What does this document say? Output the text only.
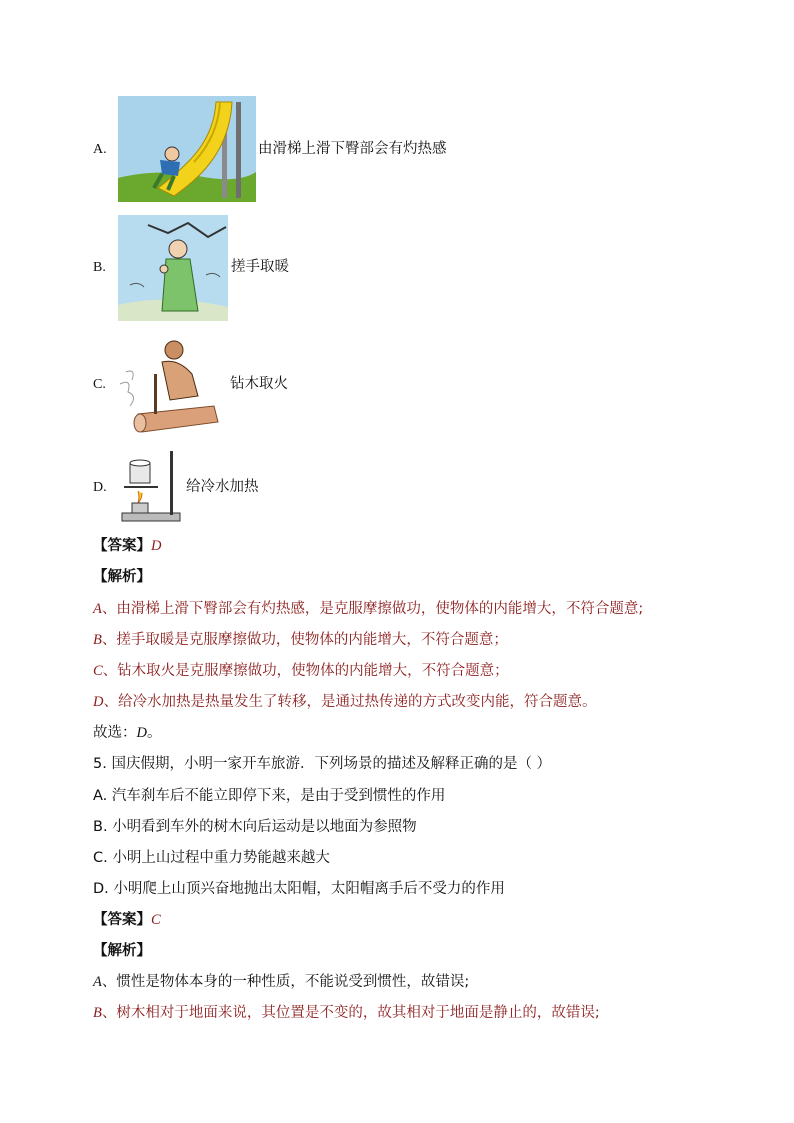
A.	由滑梯上滑下臀部会有灼热感
B.	搓手取暖
C.	钻木取火
D.	给冷水加热
【答案】D
【解析】
A、由滑梯上滑下臀部会有灼热感，是克服摩擦做功，使物体的内能增大，不符合题意;
B、搓手取暖是克服摩擦做功，使物体的内能增大，不符合题意；
C、钻木取火是克服摩擦做功，使物体的内能增大，不符合题意；
D、给冷水加热是热量发生了转移，是通过热传递的方式改变内能，符合题意。
故选：D。
5. 国庆假期，小明一家开车旅游．下列场景的描述及解释正确的是（ ）
A. 汽车刹车后不能立即停下来，是由于受到惯性的作用
B. 小明看到车外的树木向后运动是以地面为参照物
C. 小明上山过程中重力势能越来越大
D. 小明爬上山顶兴奋地抛出太阳帽，太阳帽离手后不受力的作用
【答案】C
【解析】
A、惯性是物体本身的一种性质，不能说受到惯性，故错误;
B、树木相对于地面来说，其位置是不变的，故其相对于地面是静止的，故错误;
